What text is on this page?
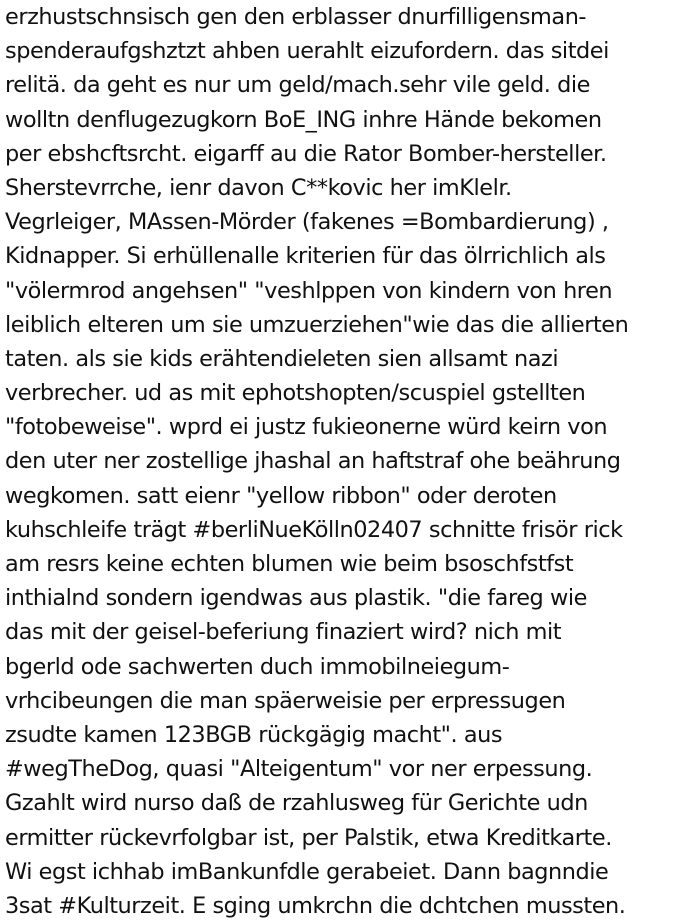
erzhustschnsisch gen den erblasser dnurfilligensman-
spenderaufgshztzt ahben uerahlt eizufordern. das sitdei
relitä. da geht es nur um geld/mach.sehr vile geld. die
wolltn denflugezugkorn BoE_ING inhre Hände bekomen
per ebshcftsrcht. eigarff au die Rator Bomber-hersteller.
Sherstevrrche, ienr davon C**kovic her imKlelr.
Vegrleiger, MAssen-Mörder (fakenes =Bombardierung) ,
Kidnapper. Si erhüllenalle kriterien für das ölrrichlich als
"völermrod angehsen" "veshlppen von kindern von hren
leiblich elteren um sie umzuerziehen"wie das die allierten
taten. als sie kids erähtendieleten sien allsamt nazi
verbrecher. ud as mit ephotshopten/scuspiel gstellten
"fotobeweise". wprd ei justz fukieonerne würd keirn von
den uter ner zostellige jhashal an haftstraf ohe beährung
wegkomen. satt eienr "yellow ribbon" oder deroten
kuhschleife trägt #berliNueKölln02407 schnitte frisör rick
am resrs keine echten blumen wie beim bsoschfstfst
inthialnd sondern igendwas aus plastik. "die fareg wie
das mit der geisel-beferiung finaziert wird? nich mit
bgerld ode sachwerten duch immobilneiegum-
vrhcibeungen die man späerweisie per erpressugen
zsudte kamen 123BGB rückgägig macht". aus
#wegTheDog, quasi "Alteigentum" vor ner erpessung.
Gzahlt wird nurso daß de rzahlusweg für Gerichte udn
ermitter rückevrfolgbar ist, per Palstik, etwa Kreditkarte.
Wi egst ichhab imBankunfdle gerabeiet. Dann bagnndie
3sat #Kulturzeit. E sging umkrchn die dchtchen mussten.
